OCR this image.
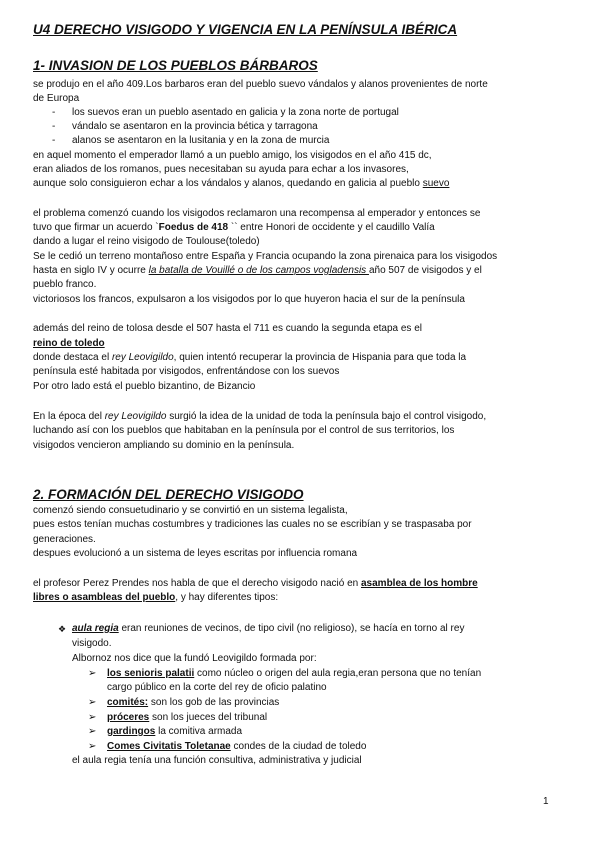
U4 DERECHO VISIGODO Y VIGENCIA EN LA PENÍNSULA IBÉRICA
1- INVASION DE LOS PUEBLOS BÁRBAROS
se produjo en el año 409.Los barbaros eran del pueblo suevo vándalos y alanos provenientes de norte
de Europa
- los suevos eran un pueblo asentado en galicia y la zona norte de portugal
- vándalo se asentaron en la provincia bética y tarragona
- alanos se asentaron en la lusitania y en la zona de murcia
en aquel momento el emperador llamó a un pueblo amigo, los visigodos en el año 415 dc,
eran aliados de los romanos, pues necesitaban su ayuda para echar a los invasores,
aunque solo consiguieron echar a los vándalos y alanos, quedando en galicia al pueblo suevo
el problema comenzó cuando los visigodos reclamaron una recompensa al emperador y entonces se
tuvo que firmar un acuerdo `Foedus de 418 `` entre Honori de occidente y el caudillo Valía
dando a lugar el reino visigodo de Toulouse(toledo)
Se le cedió un terreno montañoso entre España y Francia ocupando la zona pirenaica para los visigodos
hasta en siglo IV y ocurre la batalla de Vouillé o de los campos vogladensis año 507 de visigodos y el
pueblo franco.
victoriosos los francos, expulsaron a los visigodos por lo que huyeron hacia el sur de la península
además del reino de tolosa desde el 507 hasta el 711 es cuando la segunda etapa es el
reino de toledo
donde destaca el rey Leovigildo, quien intentó recuperar la provincia de Hispania para que toda la
península esté habitada por visigodos, enfrentándose con los suevos
Por otro lado está el pueblo bizantino, de Bizancio
En la época del rey Leovigildo surgió la idea de la unidad de toda la península bajo el control visigodo,
luchando así con los pueblos que habitaban en la península por el control de sus territorios, los
visigodos vencieron ampliando su dominio en la península.
2. FORMACIÓN DEL DERECHO VISIGODO
comenzó siendo consuetudinario y se convirtió en un sistema legalista,
pues estos tenían muchas costumbres y tradiciones las cuales no se escribían y se traspasaba por
generaciones.
despues evolucionó a un sistema de leyes escritas por influencia romana
el profesor Perez Prendes nos habla de que el derecho visigodo nació en asamblea de los hombre
libres o asambleas del pueblo, y hay diferentes tipos:
❖ aula regia eran reuniones de vecinos, de tipo civil (no religioso), se hacía en torno al rey
visigodo.
Albornoz nos dice que la fundó Leovigildo formada por:
➢ los senioris palatii como núcleo o origen del aula regia,eran persona que no tenían
cargo público en la corte del rey de oficio palatino
➢ comités: son los gob de las provincias
➢ próceres son los jueces del tribunal
➢ gardingos la comitiva armada
➢ Comes Civitatis Toletanae condes de la ciudad de toledo
el aula regia tenía una función consultiva, administrativa y judicial
1
